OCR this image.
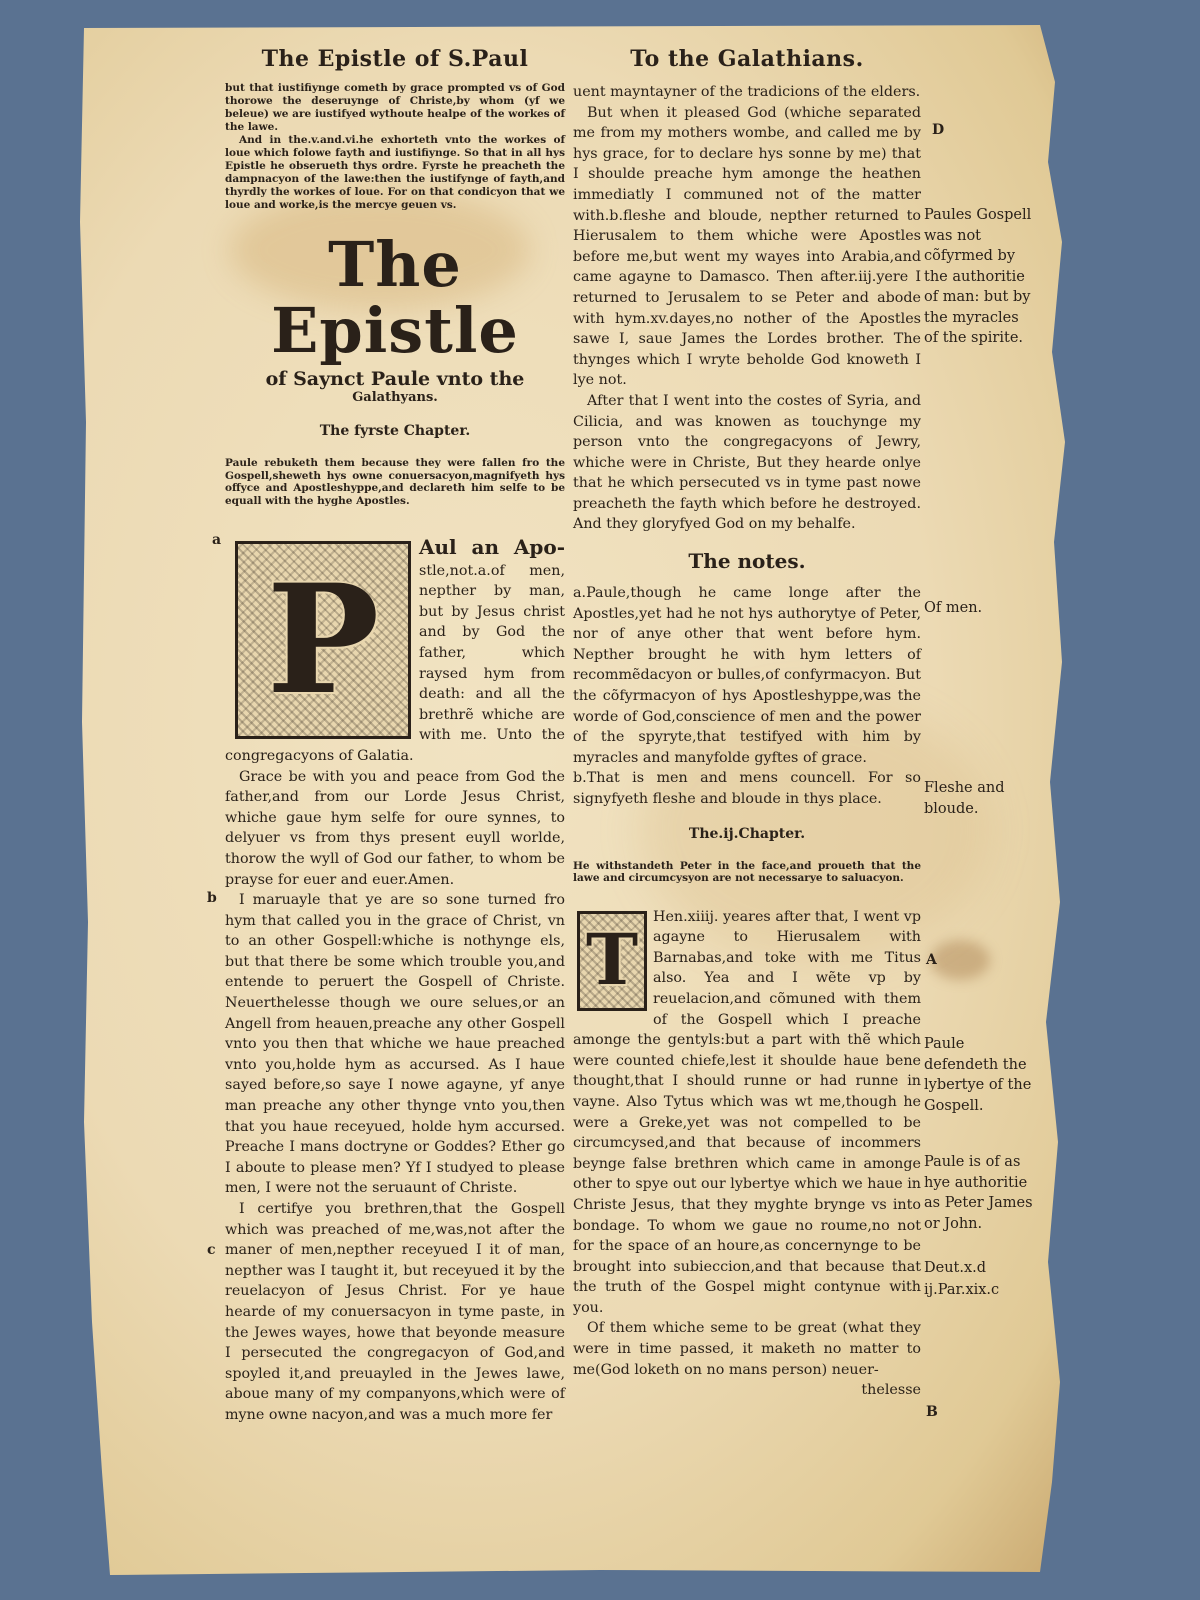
The Epistle of S.Paul
but that iustifiynge cometh by grace prompted vs of God thorowe the deseruynge of Christe,by whom (yf we beleue) we are iustifyed wythoute healpe of the workes of the lawe.
And in the.v.and.vi.he exhorteth vnto the workes of loue which folowe fayth and iustifiynge. So that in all hys Epistle he obserueth thys ordre. Fyrste he preacheth the dampnacyon of the lawe:then the iustifynge of fayth,and thyrdly the workes of loue. For on that condicyon that we loue and worke,is the mercye geuen vs.
The Epistle
of Saynct Paule vnto the
Galathyans.
The fyrste Chapter.
Paule rebuketh them because they were fallen fro the Gospell,sheweth hys owne conuersacyon,magnifyeth hys offyce and Apostleshyppe,and declareth him selfe to be equall with the hyghe Apostles.
P
Aul an Apo- stle,not.a.of men, nepther by man, but by Jesus christ and by God the father, which raysed hym from death: and all the brethrẽ whiche are with me. Unto the congregacyons of Galatia.

Grace be with you and peace from God the father,and from our Lorde Jesus Christ, whiche gaue hym selfe for oure synnes, to delyuer vs from thys present euyll worlde, thorow the wyll of God our father, to whom be prayse for euer and euer.Amen.

I maruayle that ye are so sone turned fro hym that called you in the grace of Christ, vn to an other Gospell:whiche is nothynge els, but that there be some which trouble you,and entende to peruert the Gospell of Christe. Neuerthelesse though we oure selues,or an Angell from heauen,preache any other Gospell vnto you then that whiche we haue preached vnto you,holde hym as accursed. As I haue sayed before,so saye I nowe agayne, yf anye man preache any other thynge vnto you,then that you haue receyued, holde hym accursed. Preache I mans doctryne or Goddes? Ether go I aboute to please men? Yf I studyed to please men, I were not the seruaunt of Christe.

I certifye you brethren,that the Gospell which was preached of me,was,not after the maner of men,nepther receyued I it of man, nepther was I taught it, but receyued it by the reuelacyon of Jesus Christ. For ye haue hearde of my conuersacyon in tyme paste, in the Jewes wayes, howe that beyonde measure I persecuted the congregacyon of God,and spoyled it,and preuayled in the Jewes lawe, aboue many of my companyons,which were of myne owne nacyon,and was a much more fer

To the Galathians.

uent mayntayner of the tradicions of the elders.

But when it pleased God (whiche separated me from my mothers wombe, and called me by hys grace, for to declare hys sonne by me) that I shoulde preache hym amonge the heathen immediatly I communed not of the matter with.b.fleshe and bloude, nepther returned to Hierusalem to them whiche were Apostles before me,but went my wayes into Arabia,and came agayne to Damasco. Then after.iij.yere I returned to Jerusalem to se Peter and abode with hym.xv.dayes,no nother of the Apostles sawe I, saue James the Lordes brother. The thynges which I wryte beholde God knoweth I lye not.

After that I went into the costes of Syria, and Cilicia, and was knowen as touchynge my person vnto the congregacyons of Jewry, whiche were in Christe, But they hearde onlye that he which persecuted vs in tyme past nowe preacheth the fayth which before he destroyed. And they gloryfyed God on my behalfe.

The notes.

a.Paule,though he came longe after the Apostles,yet had he not hys authorytye of Peter, nor of anye other that went before hym. Nepther brought he with hym letters of recommẽdacyon or bulles,of confyrmacyon. But the cõfyrmacyon of hys Apostleshyppe,was the worde of God,conscience of men and the power of the spyryte,that testifyed with him by myracles and manyfolde gyftes of grace.

b.That is men and mens councell. For so signyfyeth fleshe and bloude in thys place.

The.ij.Chapter.
He withstandeth Peter in the face,and proueth that the lawe and circumcysyon are not necessarye to saluacyon.
T
Hen.xiiij. yeares after that, I went vp agayne to Hierusalem with Barnabas,and toke with me Titus also. Yea and I wẽte vp by reuelacion,and cõmuned with them of the Gospell which I preache amonge the gentyls:but a part with thẽ which were counted chiefe,lest it shoulde haue bene thought,that I should runne or had runne in vayne. Also Tytus which was wt me,though he were a Greke,yet was not compelled to be circumcysed,and that because of incommers beynge false brethren which came in amonge other to spye out our lybertye which we haue in Christe Jesus, that they myghte brynge vs into bondage. To whom we gaue no roume,no not for the space of an houre,as concernynge to be brought into subieccion,and that because that the truth of the Gospel might contynue with you.

Of them whiche seme to be great (what they were in time passed, it maketh no matter to me(God loketh on no mans person) neuer-

thelesse

a
b
c
D
A
B
Paules Gospell was not cõfyrmed by the authoritie of man: but by the myracles of the spirite.
Of men.
Fleshe and bloude.
Paule defendeth the lybertye of the Gospell.
Paule is of as hye authoritie as Peter James or John.
Deut.x.d
ij.Par.xix.c
